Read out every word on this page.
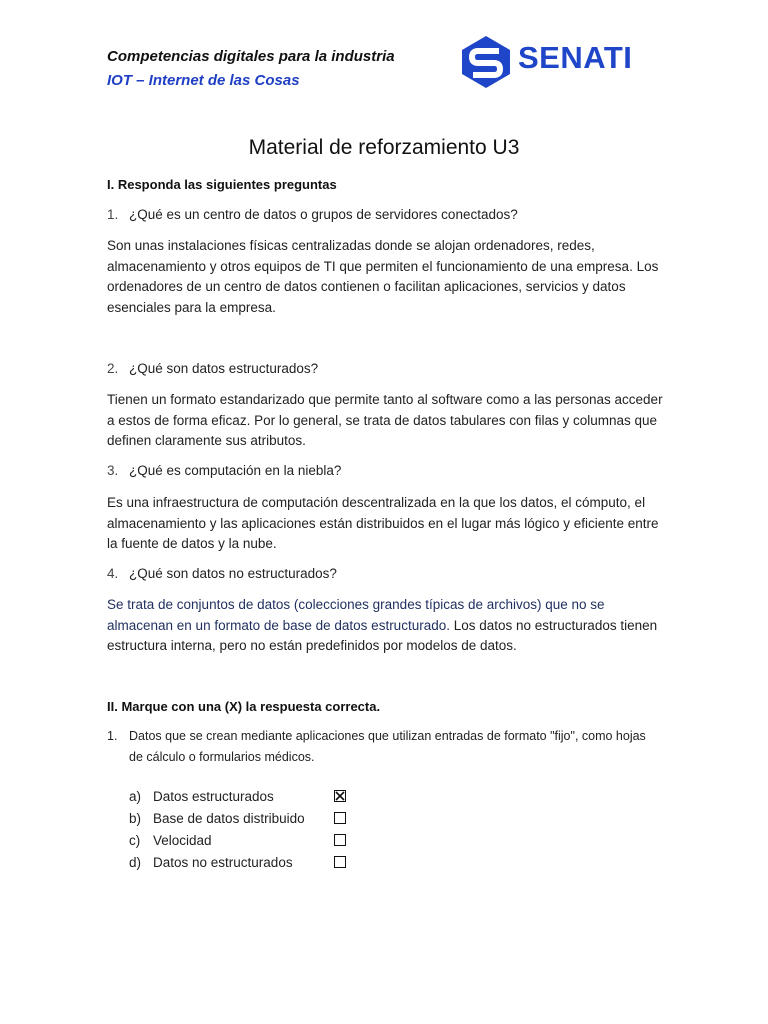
Competencias digitales para la industria
IOT – Internet de las Cosas
SENATI
Material de reforzamiento U3
I. Responda las siguientes preguntas
1. ¿Qué es un centro de datos o grupos de servidores conectados?
Son unas instalaciones físicas centralizadas donde se alojan ordenadores, redes, almacenamiento y otros equipos de TI que permiten el funcionamiento de una empresa. Los ordenadores de un centro de datos contienen o facilitan aplicaciones, servicios y datos esenciales para la empresa.
2. ¿Qué son datos estructurados?
Tienen un formato estandarizado que permite tanto al software como a las personas acceder a estos de forma eficaz. Por lo general, se trata de datos tabulares con filas y columnas que definen claramente sus atributos.
3. ¿Qué es computación en la niebla?
Es una infraestructura de computación descentralizada en la que los datos, el cómputo, el almacenamiento y las aplicaciones están distribuidos en el lugar más lógico y eficiente entre la fuente de datos y la nube.
4. ¿Qué son datos no estructurados?
Se trata de conjuntos de datos (colecciones grandes típicas de archivos) que no se almacenan en un formato de base de datos estructurado. Los datos no estructurados tienen estructura interna, pero no están predefinidos por modelos de datos.
II. Marque con una (X) la respuesta correcta.
1. Datos que se crean mediante aplicaciones que utilizan entradas de formato "fijo", como hojas
de cálculo o formularios médicos.
a) Datos estructurados
b) Base de datos distribuido
c) Velocidad
d) Datos no estructurados
